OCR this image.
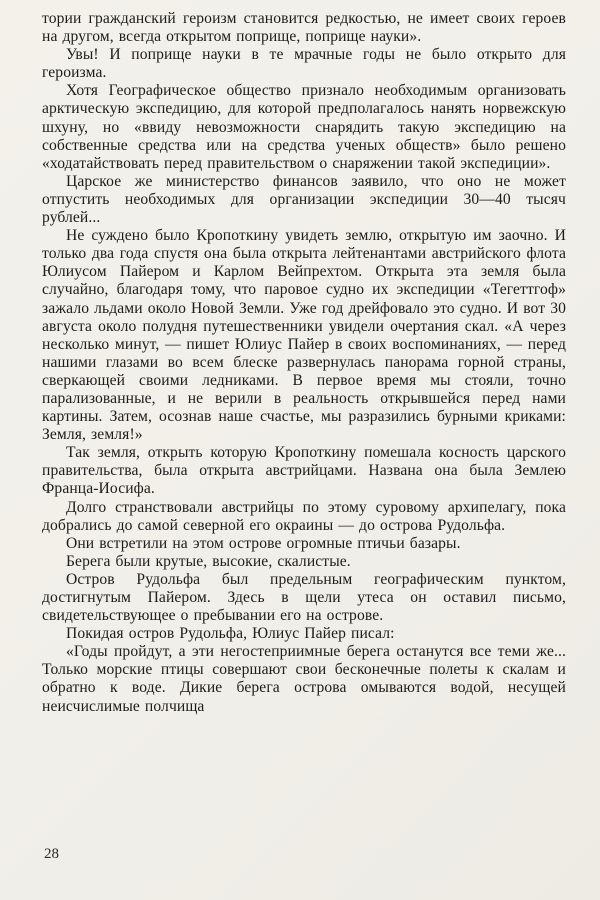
тории гражданский героизм становится редкостью, не имеет своих героев на другом, всегда открытом поприще, поприще науки».

Увы! И поприще науки в те мрачные годы не было открыто для героизма.

Хотя Географическое общество признало необходимым организовать арктическую экспедицию, для которой предполагалось нанять норвежскую шхуну, но «ввиду невозможности снарядить такую экспедицию на собственные средства или на средства ученых обществ» было решено «ходатайствовать перед правительством о снаряжении такой экспедиции».

Царское же министерство финансов заявило, что оно не может отпустить необходимых для организации экспедиции 30—40 тысяч рублей...

Не суждено было Кропоткину увидеть землю, открытую им заочно. И только два года спустя она была открыта лейтенантами австрийского флота Юлиусом Пайером и Карлом Вейпрехтом. Открыта эта земля была случайно, благодаря тому, что паровое судно их экспедиции «Тегеттгоф» зажало льдами около Новой Земли. Уже год дрейфовало это судно. И вот 30 августа около полудня путешественники увидели очертания скал. «А через несколько минут, — пишет Юлиус Пайер в своих воспоминаниях, — перед нашими глазами во всем блеске развернулась панорама горной страны, сверкающей своими ледниками. В первое время мы стояли, точно парализованные, и не верили в реальность открывшейся перед нами картины. Затем, осознав наше счастье, мы разразились бурными криками: Земля, земля!»

Так земля, открыть которую Кропоткину помешала косность царского правительства, была открыта австрийцами. Названа она была Землею Франца-Иосифа.

Долго странствовали австрийцы по этому суровому архипелагу, пока добрались до самой северной его окраины — до острова Рудольфа.

Они встретили на этом острове огромные птичьи базары.

Берега были крутые, высокие, скалистые.

Остров Рудольфа был предельным географическим пунктом, достигнутым Пайером. Здесь в щели утеса он оставил письмо, свидетельствующее о пребывании его на острове.

Покидая остров Рудольфа, Юлиус Пайер писал:

«Годы пройдут, а эти негостеприимные берега останутся все теми же... Только морские птицы совершают свои бесконечные полеты к скалам и обратно к воде. Дикие берега острова омываются водой, несущей неисчислимые полчища

28
